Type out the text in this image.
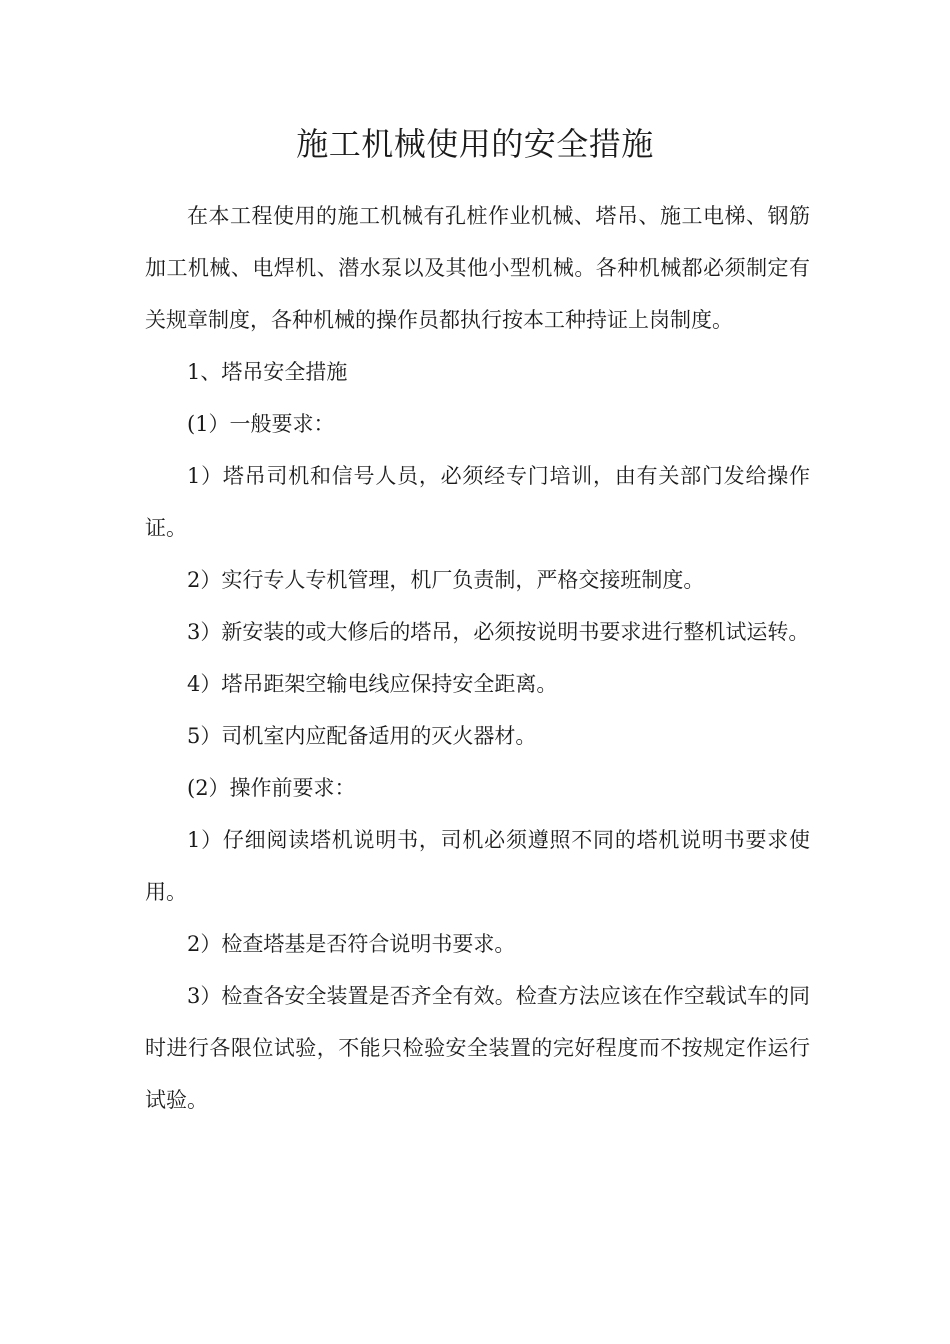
施工机械使用的安全措施

在本工程使用的施工机械有孔桩作业机械、塔吊、施工电梯、钢筋加工机械、电焊机、潜水泵以及其他小型机械。各种机械都必须制定有关规章制度，各种机械的操作员都执行按本工种持证上岗制度。

1、塔吊安全措施

(1）一般要求：

1）塔吊司机和信号人员，必须经专门培训，由有关部门发给操作证。

2）实行专人专机管理，机厂负责制，严格交接班制度。

3）新安装的或大修后的塔吊，必须按说明书要求进行整机试运转。

4）塔吊距架空输电线应保持安全距离。

5）司机室内应配备适用的灭火器材。

(2）操作前要求：

1）仔细阅读塔机说明书，司机必须遵照不同的塔机说明书要求使用。

2）检查塔基是否符合说明书要求。

3）检查各安全装置是否齐全有效。检查方法应该在作空载试车的同时进行各限位试验，不能只检验安全装置的完好程度而不按规定作运行试验。
